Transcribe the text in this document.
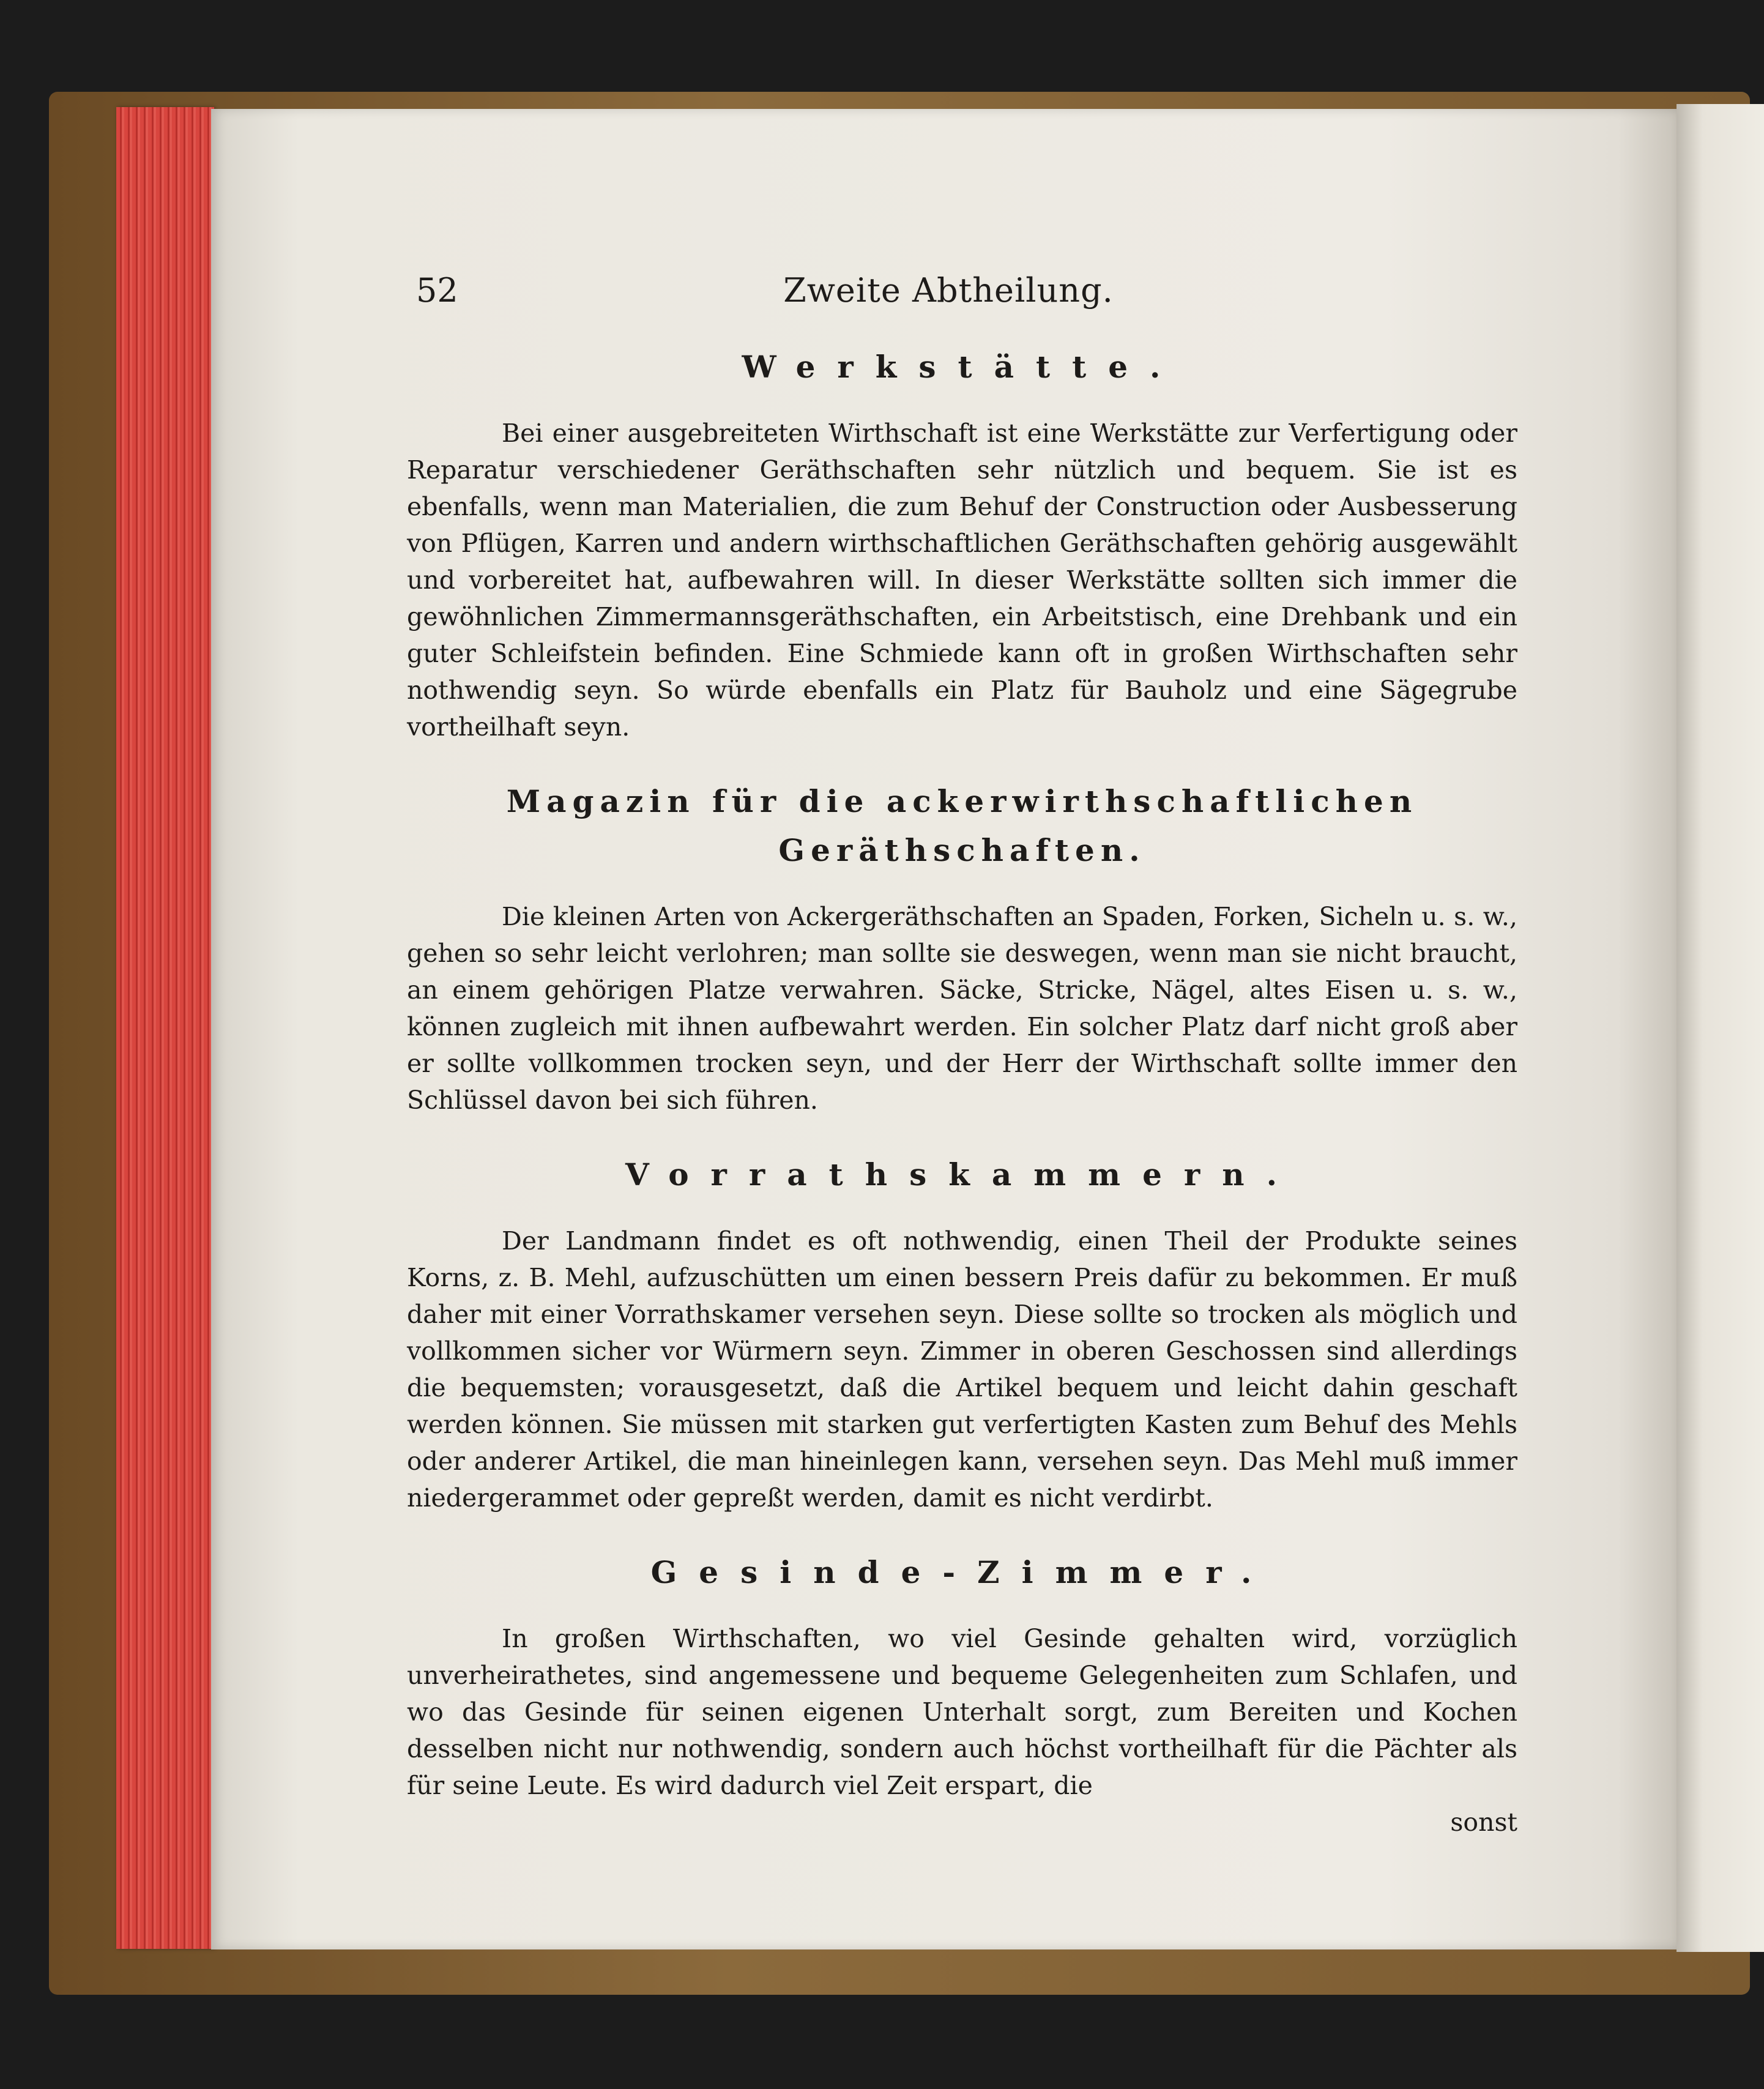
52	Zweite Abtheilung.
Werkstätte.

Bei einer ausgebreiteten Wirthschaft ist eine Werkstätte zur Verfertigung oder Reparatur verschiedener Geräthschaften sehr nützlich und bequem. Sie ist es ebenfalls, wenn man Materialien, die zum Behuf der Construction oder Ausbesserung von Pflügen, Karren und andern wirthschaftlichen Geräthschaften gehörig ausgewählt und vorbereitet hat, aufbewahren will. In dieser Werkstätte sollten sich immer die gewöhnlichen Zimmermannsgeräthschaften, ein Arbeitstisch, eine Drehbank und ein guter Schleifstein befinden. Eine Schmiede kann oft in großen Wirthschaften sehr nothwendig seyn. So würde ebenfalls ein Platz für Bauholz und eine Sägegrube vortheilhaft seyn.

Magazin für die ackerwirthschaftlichen Geräthschaften.

Die kleinen Arten von Ackergeräthschaften an Spaden, Forken, Sicheln u. s. w., gehen so sehr leicht verlohren; man sollte sie deswegen, wenn man sie nicht braucht, an einem gehörigen Platze verwahren. Säcke, Stricke, Nägel, altes Eisen u. s. w., können zugleich mit ihnen aufbewahrt werden. Ein solcher Platz darf nicht groß aber er sollte vollkommen trocken seyn, und der Herr der Wirthschaft sollte immer den Schlüssel davon bei sich führen.

Vorrathskammern.

Der Landmann findet es oft nothwendig, einen Theil der Produkte seines Korns, z. B. Mehl, aufzuschütten um einen bessern Preis dafür zu bekommen. Er muß daher mit einer Vorrathskamer versehen seyn. Diese sollte so trocken als möglich und vollkommen sicher vor Würmern seyn. Zimmer in oberen Geschossen sind allerdings die bequemsten; vorausgesetzt, daß die Artikel bequem und leicht dahin geschaft werden können. Sie müssen mit starken gut verfertigten Kasten zum Behuf des Mehls oder anderer Artikel, die man hineinlegen kann, versehen seyn. Das Mehl muß immer niedergerammet oder gepreßt werden, damit es nicht verdirbt.

Gesinde-Zimmer.

In großen Wirthschaften, wo viel Gesinde gehalten wird, vorzüglich unverheirathetes, sind angemessene und bequeme Gelegenheiten zum Schlafen, und wo das Gesinde für seinen eigenen Unterhalt sorgt, zum Bereiten und Kochen desselben nicht nur nothwendig, sondern auch höchst vortheilhaft für die Pächter als für seine Leute. Es wird dadurch viel Zeit erspart, die

sonst
